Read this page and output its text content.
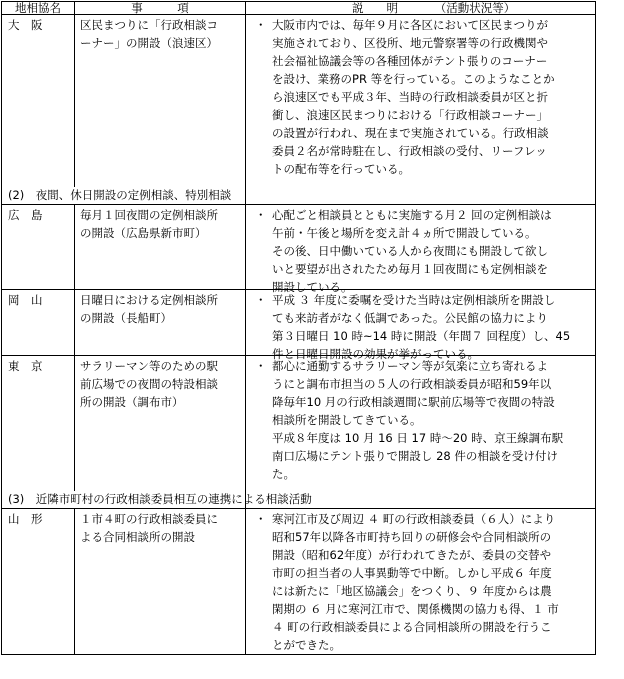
地相協名	事　　　項	説　　明	（活動状況等）
大　阪	区民まつりに「行政相談コ
ーナー」の開設（浪速区）
・ 大阪市内では、毎年９月に各区において区民まつりが
実施されており、区役所、地元警察署等の行政機関や
社会福祉協議会等の各種団体がテント張りのコーナー
を設け、業務のPR 等を行っている。このようなことか
ら浪速区でも平成３年、当時の行政相談委員が区と折
衝し、浪速区民まつりにおける「行政相談コーナー」
の設置が行われ、現在まで実施されている。行政相談
委員２名が常時駐在し、行政相談の受付、リーフレッ
トの配布等を行っている。
(2)　夜間、休日開設の定例相談、特別相談
広　島	毎月１回夜間の定例相談所
の開設（広島県新市町）
・ 心配ごと相談員とともに実施する月２ 回の定例相談は
午前・午後と場所を変え計４ヵ所で開設している。
その後、日中働いている人から夜間にも開設して欲し
いと要望が出されたため毎月１回夜間にも定例相談を
開設している。
岡　山	日曜日における定例相談所
の開設（長船町）
・ 平成 ３ 年度に委嘱を受けた当時は定例相談所を開設し
ても来訪者がなく低調であった。公民館の協力により
第３日曜日 10 時~14 時に開設（年間７ 回程度）し、45
件と日曜日開設の効果が挙がっている。
東　京	サラリーマン等のための駅
前広場での夜間の特設相談
所の開設（調布市）
・ 都心に通勤するサラリーマン等が気楽に立ち寄れるよ
うにと調布市担当の５人の行政相談委員が昭和59年以
降毎年10 月の行政相談週間に駅前広場等で夜間の特設
相談所を開設してきている。
平成８年度は 10 月 16 日 17 時～20 時、京王線調布駅
南口広場にテント張りで開設し 28 件の相談を受け付け
た。
(3)　近隣市町村の行政相談委員相互の連携による相談活動
山　形	１市４町の行政相談委員に
よる合同相談所の開設
・ 寒河江市及び周辺 ４ 町の行政相談委員（６人）により
昭和57年以降各市町持ち回りの研修会や合同相談所の
開設（昭和62年度）が行われてきたが、委員の交替や
市町の担当者の人事異動等で中断。しかし平成６ 年度
には新たに「地区協議会」をつくり、９ 年度からは農
閑期の ６ 月に寒河江市で、関係機関の協力も得、１ 市
４ 町の行政相談委員による合同相談所の開設を行うこ
とができた。
